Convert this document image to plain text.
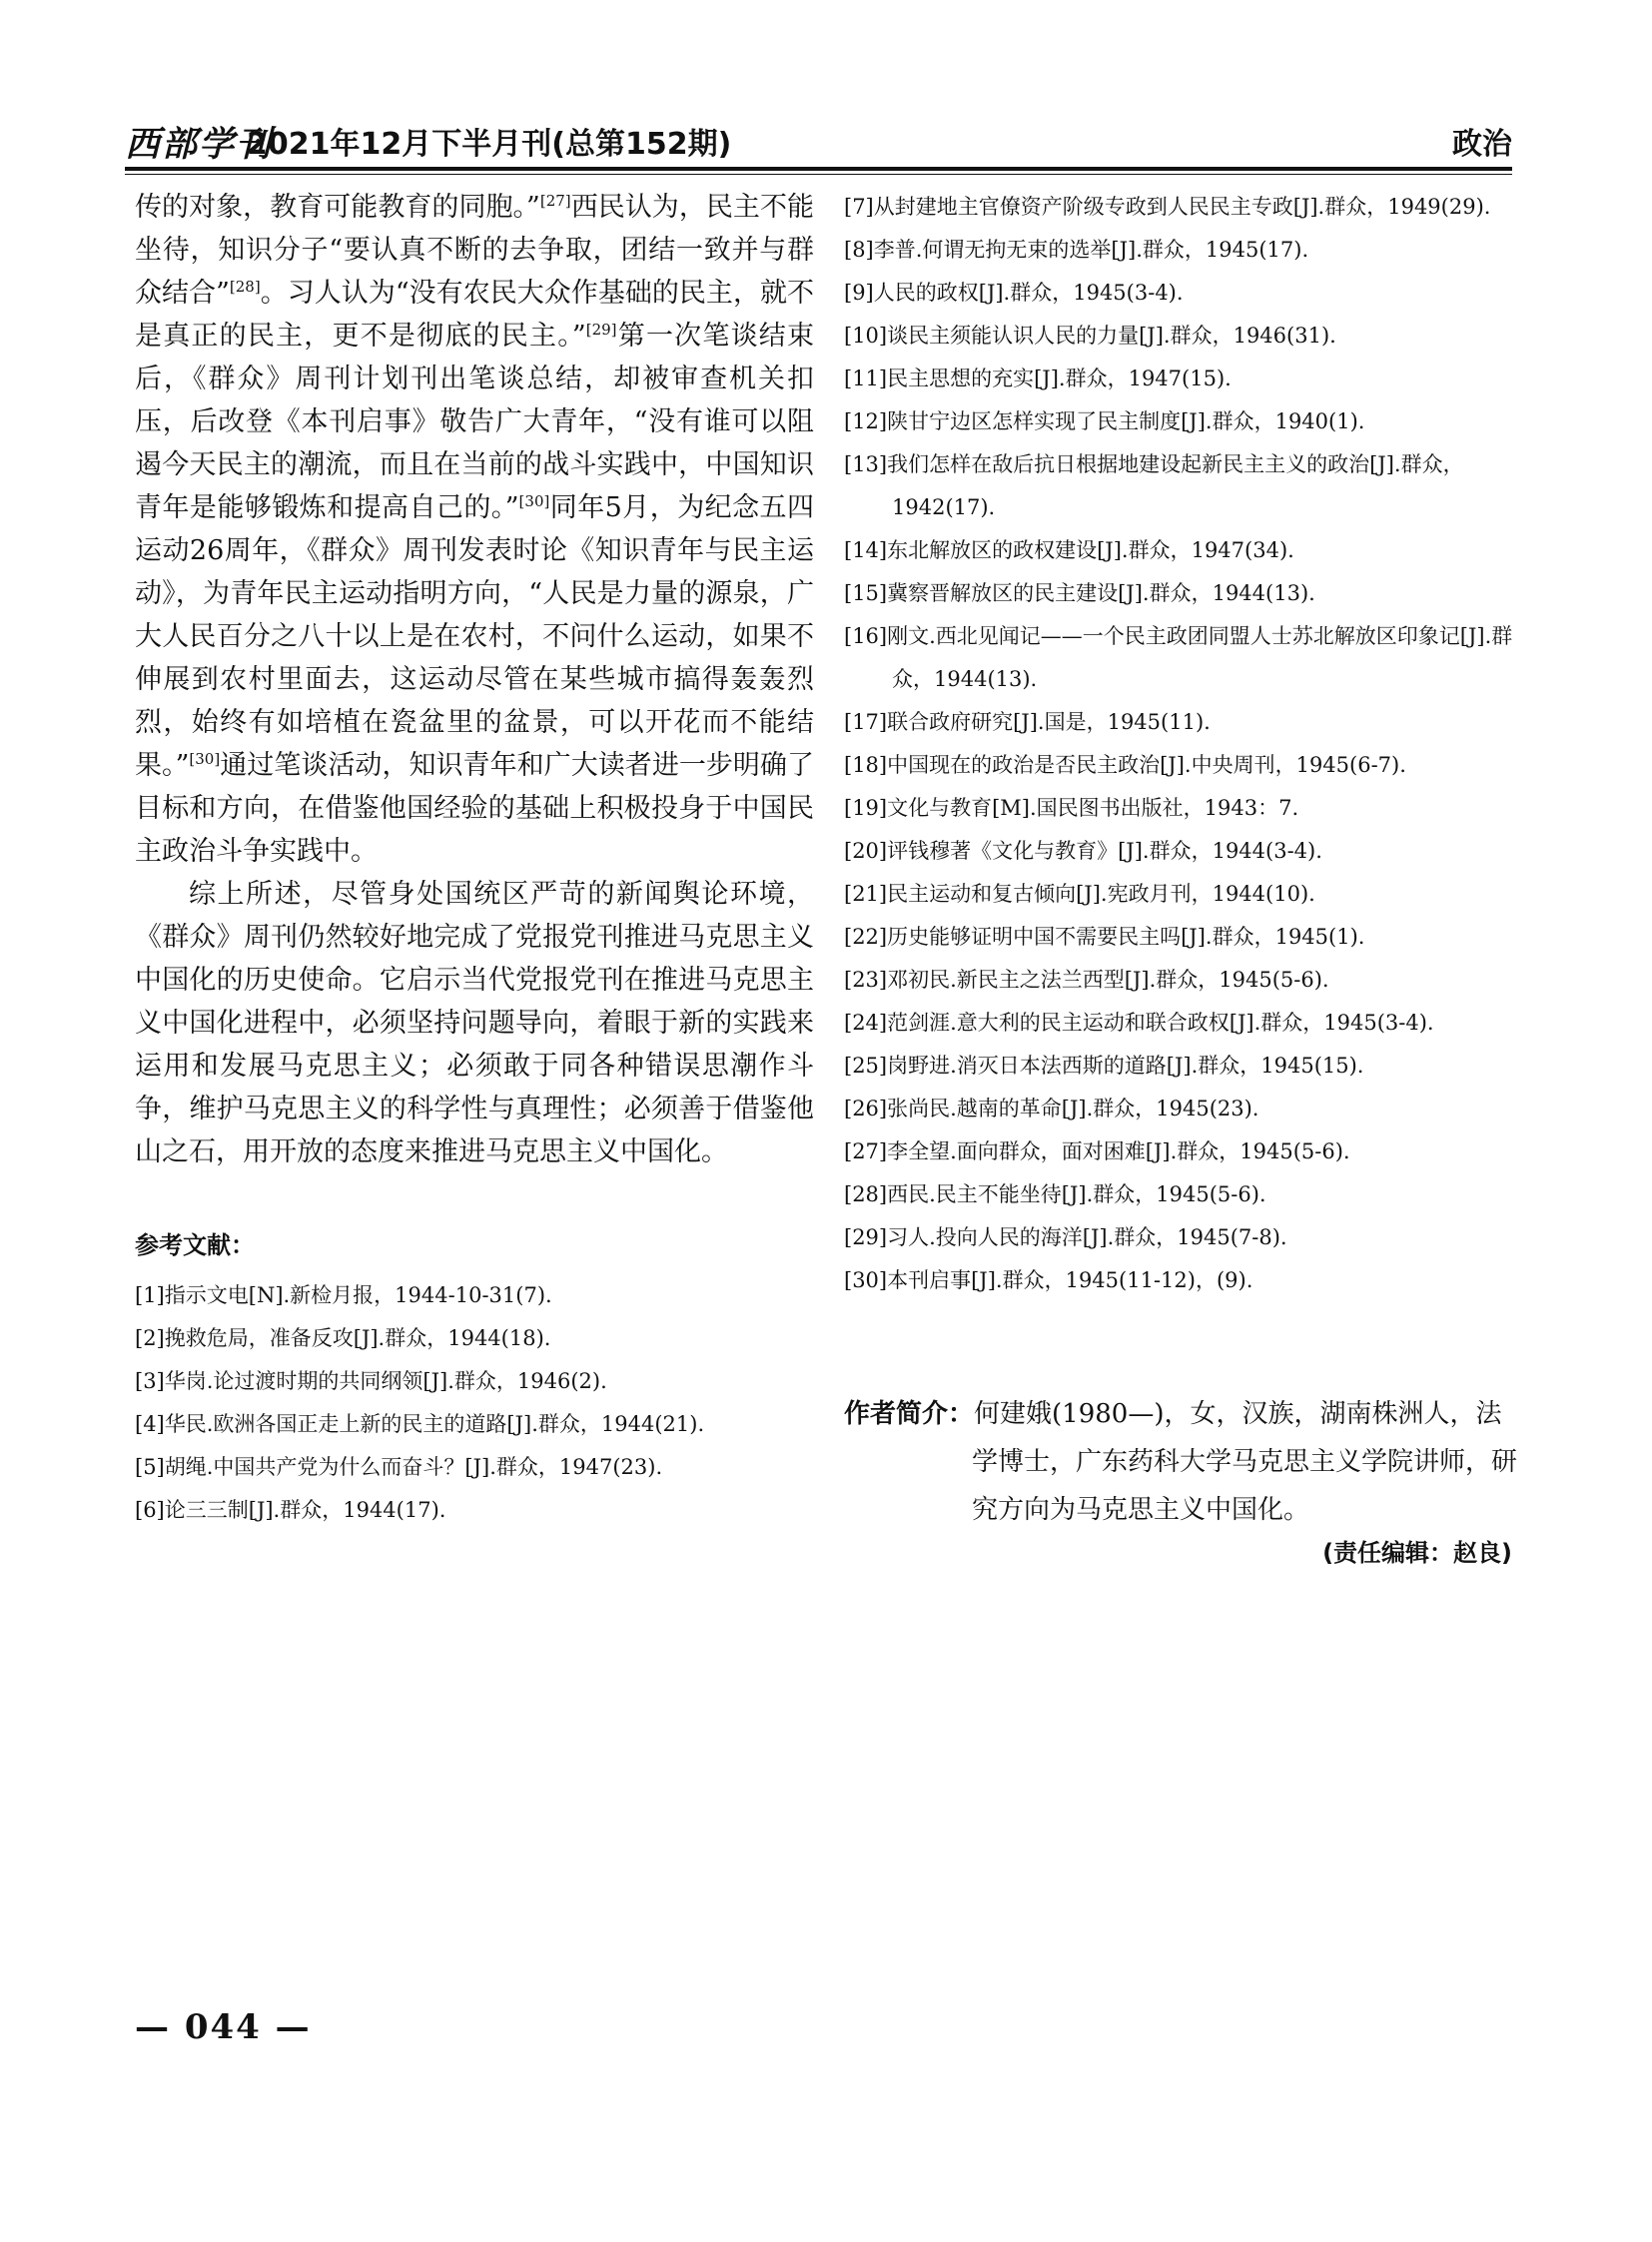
西部学刊
2021年12月下半月刊(总第152期)	政治

传的对象，教育可能教育的同胞。”[27]西民认为，民主不能坐待，知识分子“要认真不断的去争取，团结一致并与群众结合”[28]。习人认为“没有农民大众作基础的民主，就不是真正的民主，更不是彻底的民主。”[29]第一次笔谈结束后，《群众》周刊计划刊出笔谈总结，却被审查机关扣压，后改登《本刊启事》敬告广大青年，“没有谁可以阻遏今天民主的潮流，而且在当前的战斗实践中，中国知识青年是能够锻炼和提高自己的。”[30]同年5月，为纪念五四运动26周年，《群众》周刊发表时论《知识青年与民主运动》，为青年民主运动指明方向，“人民是力量的源泉，广大人民百分之八十以上是在农村，不问什么运动，如果不伸展到农村里面去，这运动尽管在某些城市搞得轰轰烈烈，始终有如培植在瓷盆里的盆景，可以开花而不能结果。”[30]通过笔谈活动，知识青年和广大读者进一步明确了目标和方向，在借鉴他国经验的基础上积极投身于中国民主政治斗争实践中。

综上所述，尽管身处国统区严苛的新闻舆论环境，《群众》周刊仍然较好地完成了党报党刊推进马克思主义中国化的历史使命。它启示当代党报党刊在推进马克思主义中国化进程中，必须坚持问题导向，着眼于新的实践来运用和发展马克思主义；必须敢于同各种错误思潮作斗争，维护马克思主义的科学性与真理性；必须善于借鉴他山之石，用开放的态度来推进马克思主义中国化。

参考文献：
[1]指示文电[N].新检月报，1944-10-31(7).
[2]挽救危局，准备反攻[J].群众，1944(18).
[3]华岗.论过渡时期的共同纲领[J].群众，1946(2).
[4]华民.欧洲各国正走上新的民主的道路[J].群众，1944(21).
[5]胡绳.中国共产党为什么而奋斗？[J].群众，1947(23).
[6]论三三制[J].群众，1944(17).
[7]从封建地主官僚资产阶级专政到人民民主专政[J].群众，1949(29).
[8]李普.何谓无拘无束的选举[J].群众，1945(17).
[9]人民的政权[J].群众，1945(3-4).
[10]谈民主须能认识人民的力量[J].群众，1946(31).
[11]民主思想的充实[J].群众，1947(15).
[12]陕甘宁边区怎样实现了民主制度[J].群众，1940(1).
[13]我们怎样在敌后抗日根据地建设起新民主主义的政治[J].群众，1942(17).
[14]东北解放区的政权建设[J].群众，1947(34).
[15]冀察晋解放区的民主建设[J].群众，1944(13).
[16]刚文.西北见闻记——一个民主政团同盟人士苏北解放区印象记[J].群众，1944(13).
[17]联合政府研究[J].国是，1945(11).
[18]中国现在的政治是否民主政治[J].中央周刊，1945(6-7).
[19]文化与教育[M].国民图书出版社，1943：7.
[20]评钱穆著《文化与教育》[J].群众，1944(3-4).
[21]民主运动和复古倾向[J].宪政月刊，1944(10).
[22]历史能够证明中国不需要民主吗[J].群众，1945(1).
[23]邓初民.新民主之法兰西型[J].群众，1945(5-6).
[24]范剑涯.意大利的民主运动和联合政权[J].群众，1945(3-4).
[25]岗野进.消灭日本法西斯的道路[J].群众，1945(15).
[26]张尚民.越南的革命[J].群众，1945(23).
[27]李全望.面向群众，面对困难[J].群众，1945(5-6).
[28]西民.民主不能坐待[J].群众，1945(5-6).
[29]习人.投向人民的海洋[J].群众，1945(7-8).
[30]本刊启事[J].群众，1945(11-12)，(9).
作者简介：何建娥(1980—)，女，汉族，湖南株洲人，法学博士，广东药科大学马克思主义学院讲师，研究方向为马克思主义中国化。
(责任编辑：赵良)
— 044 —
